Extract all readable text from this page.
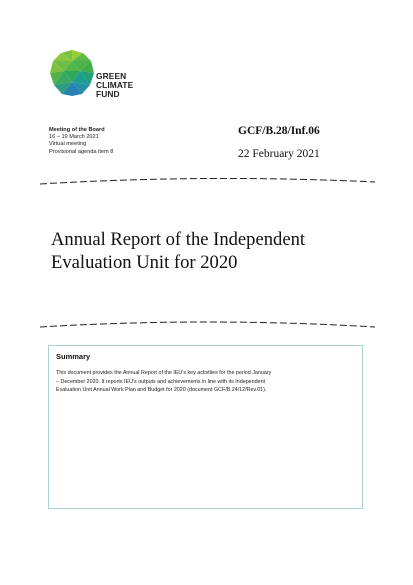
GREEN
CLIMATE
FUND
Meeting of the Board
16 – 19 March 2021
Virtual meeting
Provisional agenda item 8
GCF/B.28/Inf.06
22 February 2021
Annual Report of the Independent
Evaluation Unit for 2020
Summary
This document provides the Annual Report of the IEU’s key activities for the period January
– December 2020. It reports IEU’s outputs and achievements in line with its Independent
Evaluation Unit Annual Work Plan and Budget for 2020 (document GCF/B.24/12/Rev.01).
